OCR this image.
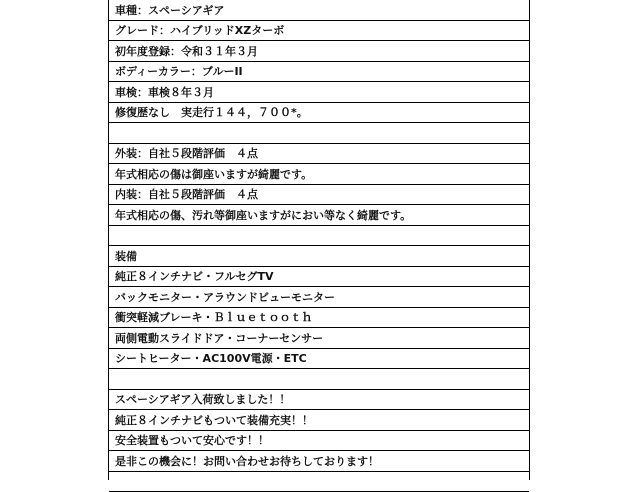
車種：スペーシアギア
グレード：ハイブリッドXZターボ
初年度登録：令和３１年３月
ボディーカラー：ブルーII
車検：車検８年３月
修復歴なし　実走行１４４，７００*。
外装：自社５段階評価　４点
年式相応の傷は御座いますが綺麗です。
内装：自社５段階評価　４点
年式相応の傷、汚れ等御座いますがにおい等なく綺麗です。
装備
純正８インチナビ・フルセグTV
バックモニター・アラウンドビューモニター
衝突軽減ブレーキ・Ｂｌｕｅｔｏｏｔｈ
両側電動スライドドア・コーナーセンサー
シートヒーター・AC100V電源・ETC
スペーシアギア入荷致しました！！
純正８インチナビもついて装備充実！！
安全装置もついて安心です！！
是非この機会に！お問い合わせお待ちしております！
